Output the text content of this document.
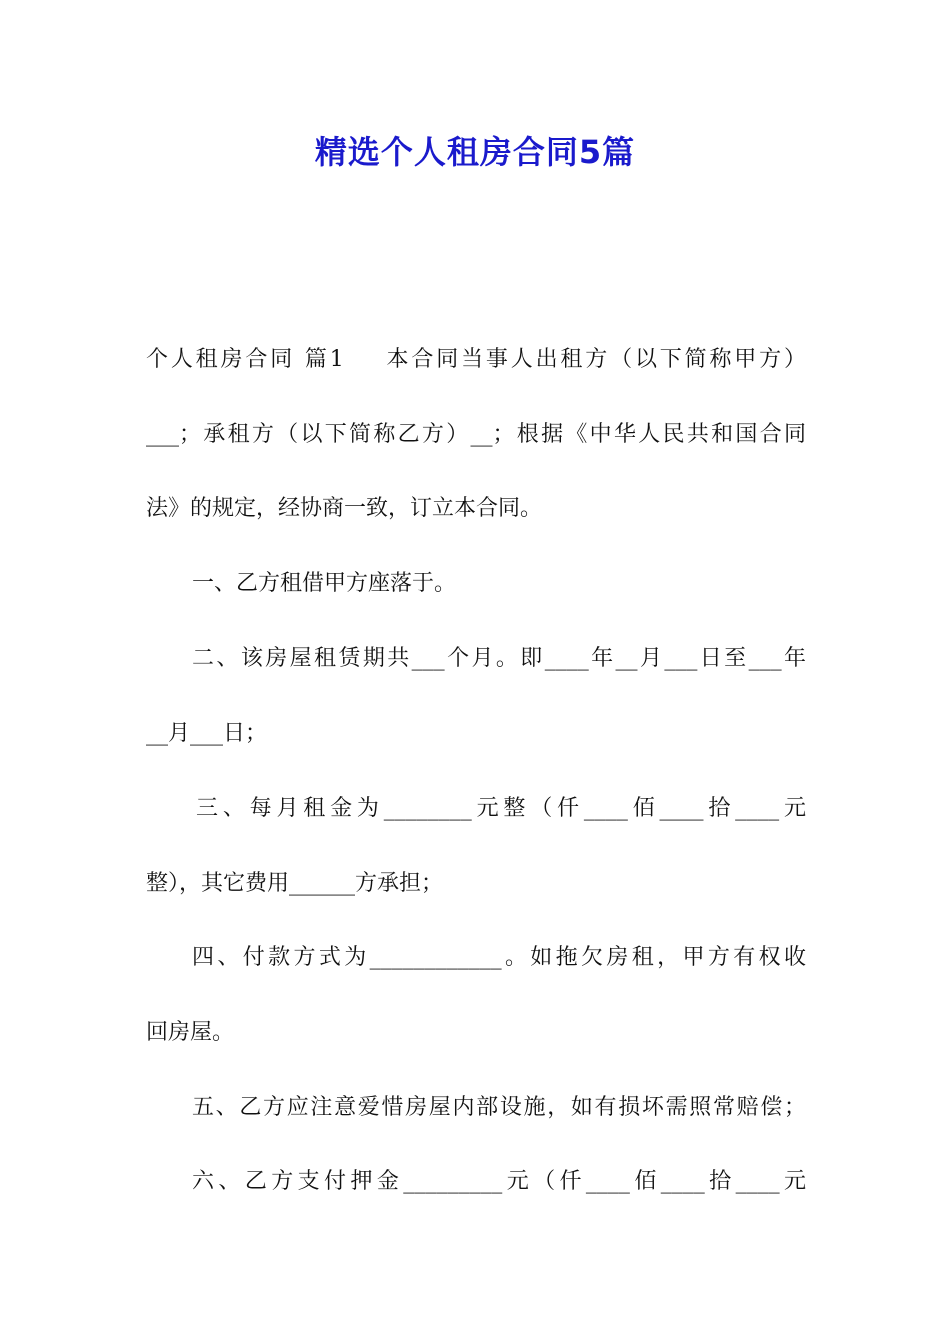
精选个人租房合同5篇
个人租房合同 篇1 本合同当事人出租方（以下简称甲方）
___；承租方（以下简称乙方）__；根据《中华人民共和国合同
法》的规定，经协商一致，订立本合同。
一、乙方租借甲方座落于。
二、该房屋租赁期共___个月。即____年__月___日至___年
__月___日；
三、每月租金为________元整（仟____佰____拾____元
整），其它费用______方承担；
四、付款方式为____________。如拖欠房租，甲方有权收
回房屋。
五、乙方应注意爱惜房屋内部设施，如有损坏需照常赔偿；
六、乙方支付押金_________元（仟____佰____拾____元
